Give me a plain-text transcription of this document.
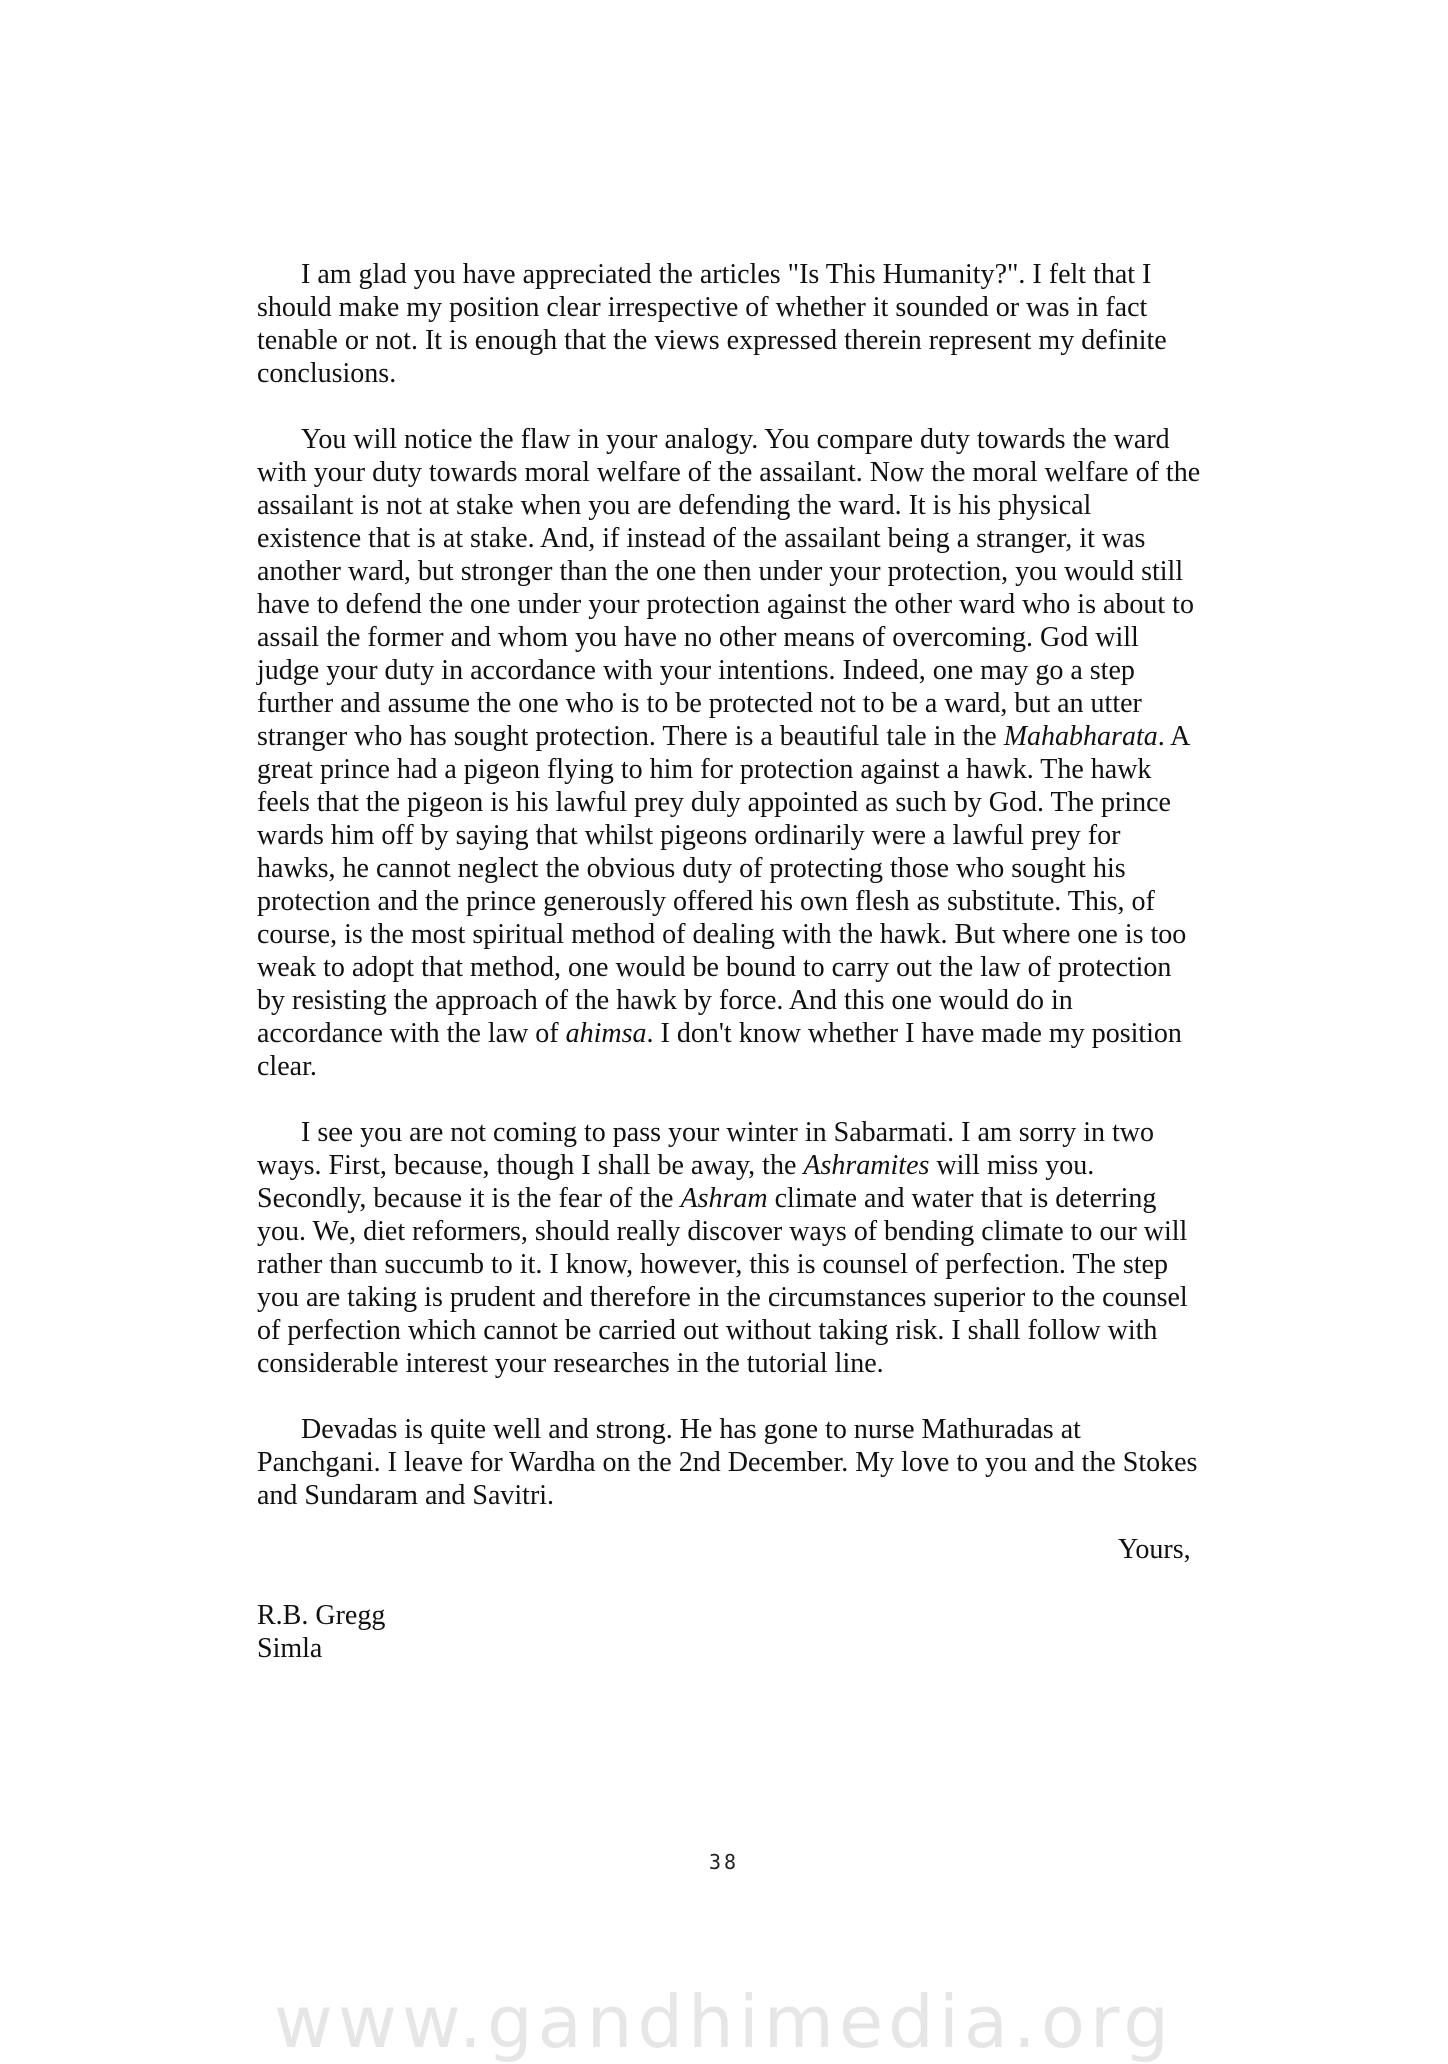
I am glad you have appreciated the articles "Is This Humanity?". I felt that I should make my position clear irrespective of whether it sounded or was in fact tenable or not. It is enough that the views expressed therein represent my definite conclusions.

You will notice the flaw in your analogy. You compare duty towards the ward with your duty towards moral welfare of the assailant. Now the moral welfare of the assailant is not at stake when you are defending the ward. It is his physical existence that is at stake. And, if instead of the assailant being a stranger, it was another ward, but stronger than the one then under your protection, you would still have to defend the one under your protection against the other ward who is about to assail the former and whom you have no other means of overcoming. God will judge your duty in accordance with your intentions. Indeed, one may go a step further and assume the one who is to be protected not to be a ward, but an utter stranger who has sought protection. There is a beautiful tale in the Mahabharata. A great prince had a pigeon flying to him for protection against a hawk. The hawk feels that the pigeon is his lawful prey duly appointed as such by God. The prince wards him off by saying that whilst pigeons ordinarily were a lawful prey for hawks, he cannot neglect the obvious duty of protecting those who sought his protection and the prince generously offered his own flesh as substitute. This, of course, is the most spiritual method of dealing with the hawk. But where one is too weak to adopt that method, one would be bound to carry out the law of protection by resisting the approach of the hawk by force. And this one would do in accordance with the law of ahimsa. I don't know whether I have made my position clear.

I see you are not coming to pass your winter in Sabarmati. I am sorry in two ways. First, because, though I shall be away, the Ashramites will miss you. Secondly, because it is the fear of the Ashram climate and water that is deterring you. We, diet reformers, should really discover ways of bending climate to our will rather than succumb to it. I know, however, this is counsel of perfection. The step you are taking is prudent and therefore in the circumstances superior to the counsel of perfection which cannot be carried out without taking risk. I shall follow with considerable interest your researches in the tutorial line.

Devadas is quite well and strong. He has gone to nurse Mathuradas at Panchgani. I leave for Wardha on the 2nd December. My love to you and the Stokes and Sundaram and Savitri.

Yours,
R.B. Gregg
Simla
38
www.gandhimedia.org
